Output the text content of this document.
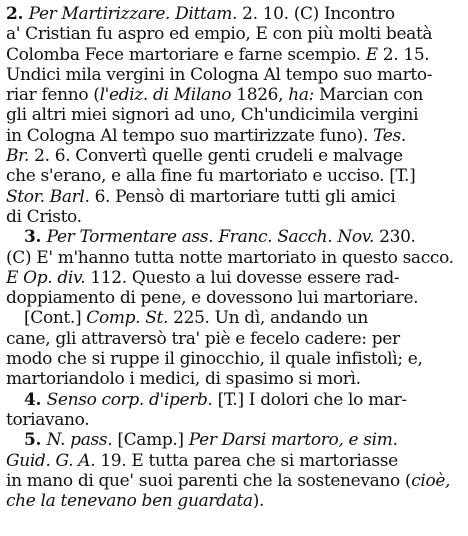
2. Per Martirizzare. Dittam. 2. 10. (C) Incontro
a' Cristian fu aspro ed empio, E con più molti beatà
Colomba Fece martoriare e farne scempio. E 2. 15.
Undici mila vergini in Cologna Al tempo suo marto-
riar fenno (l'ediz. di Milano 1826, ha: Marcian con
gli altri miei signori ad uno, Ch'undicimila vergini
in Cologna Al tempo suo martirizzate funo). Tes.
Br. 2. 6. Convertì quelle genti crudeli e malvage
che s'erano, e alla fine fu martoriato e ucciso. [T.]
Stor. Barl. 6. Pensò di martoriare tutti gli amici
di Cristo.
3. Per Tormentare ass. Franc. Sacch. Nov. 230.
(C) E' m'hanno tutta notte martoriato in questo sacco.
E Op. div. 112. Questo a lui dovesse essere rad-
doppiamento di pene, e dovessono lui martoriare.
[Cont.] Comp. St. 225. Un dì, andando un
cane, gli attraversò tra' piè e fecelo cadere: per
modo che si ruppe il ginocchio, il quale infistolì; e,
martoriandolo i medici, di spasimo si morì.
4. Senso corp. d'iperb. [T.] I dolori che lo mar-
toriavano.
5. N. pass. [Camp.] Per Darsi martoro, e sim.
Guid. G. A. 19. E tutta parea che si martoriasse
in mano di que' suoi parenti che la sostenevano (cioè,
che la tenevano ben guardata).
